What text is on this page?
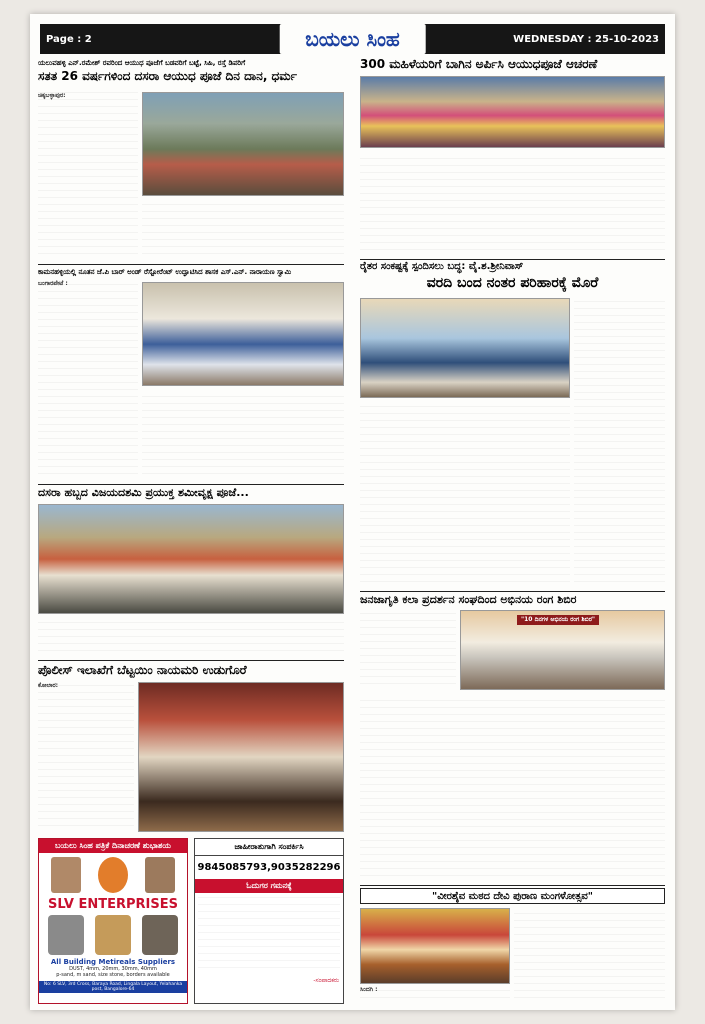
Page : 2	ಬಯಲು ಸಿಂಹ	WEDNESDAY : 25-10-2023
ಯಲುವಹಳ್ಳಿ ಎನ್.ರಮೇಶ್ ರವರಿಂದ ಆಯುಧ ಪೂಜೆಗೆ ಬಡವರಿಗೆ ಬಟ್ಟೆ, ಸಿಹಿ, ರಸ್ತೆ ಡಿಪರಿಗೆ
ಸತತ 26 ವರ್ಷಗಳಿಂದ ದಸರಾ ಆಯುಧ ಪೂಜೆ ದಿನ ದಾನ, ಧರ್ಮ
ಚಿಕ್ಕಬಳ್ಳಾಪುರ:
ಕಾಮನಹಳ್ಳಿಯಲ್ಲಿ ನೂತನ ಜೆ.ಪಿ ಬಾರ್ ಅಂಡ್ ರೆಸ್ಟೋರೆಂಟ್ ಉದ್ಘಾಟಿಸಿದ ಶಾಸಕ ಎಸ್.ಎನ್. ನಾರಾಯಣ ಸ್ವಾಮಿ
ಬಂಗಾರಪೇಟೆ :
ದಸರಾ ಹಬ್ಬದ ವಿಜಯದಶಮಿ ಪ್ರಯುಕ್ತ ಶಮೀವೃಕ್ಷ ಪೂಜೆ...
ಪೊಲೀಸ್ ಇಲಾಖೆಗೆ ಬೆಟ್ಟಯಿಂ ನಾಯಮರಿ ಉಡುಗೊರೆ
ಕೋಲಾರ:
ಬಯಲು ಸಿಂಹ ಪತ್ರಿಕೆ ದಿನಾಚರಣೆ ಶುಭಾಶಯ
SLV ENTERPRISES
All Building Metireals Suppliers
DUST, 4mm, 20mm, 30mm, 40mm
p-sand, m sand, size stone, borders available
No: 6 SLV, 3rd Cross, Baraya Road, Lingala Layout, Yelahanka post, Bangalore-64
ಜಾಹೀರಾತುಗಾಗಿ ಸಂಪರ್ಕಿಸಿ
9845085793,9035282296
ಓದುಗರ ಗಮನಕ್ಕೆ
-ಸಂಪಾದಕರು
300 ಮಹಿಳೆಯರಿಗೆ ಬಾಗಿನ ಅರ್ಪಿಸಿ ಆಯುಧಪೂಜೆ ಆಚರಣೆ
ರೈತರ ಸಂಕಷ್ಟಕ್ಕೆ ಸ್ಪಂದಿಸಲು ಬದ್ಧ: ವೈ.ಶ.ಶ್ರೀನಿವಾಸ್
ವರದಿ ಬಂದ ನಂತರ ಪರಿಹಾರಕ್ಕೆ ಮೊರೆ
ಜನಜಾಗೃತಿ ಕಲಾ ಪ್ರದರ್ಶನ ಸಂಘದಿಂದ ಅಭಿನಯ ರಂಗ ಶಿಬಿರ
"10 ದಿನಗಳ ಅಭಿನಯ ರಂಗ ಶಿಬಿರ"
"ವೀರಶೈವ ಮಠದ ದೇವಿ ಪುರಾಣ ಮಂಗಳೋತ್ಸವ"
ಸಿಂದಗಿ :
